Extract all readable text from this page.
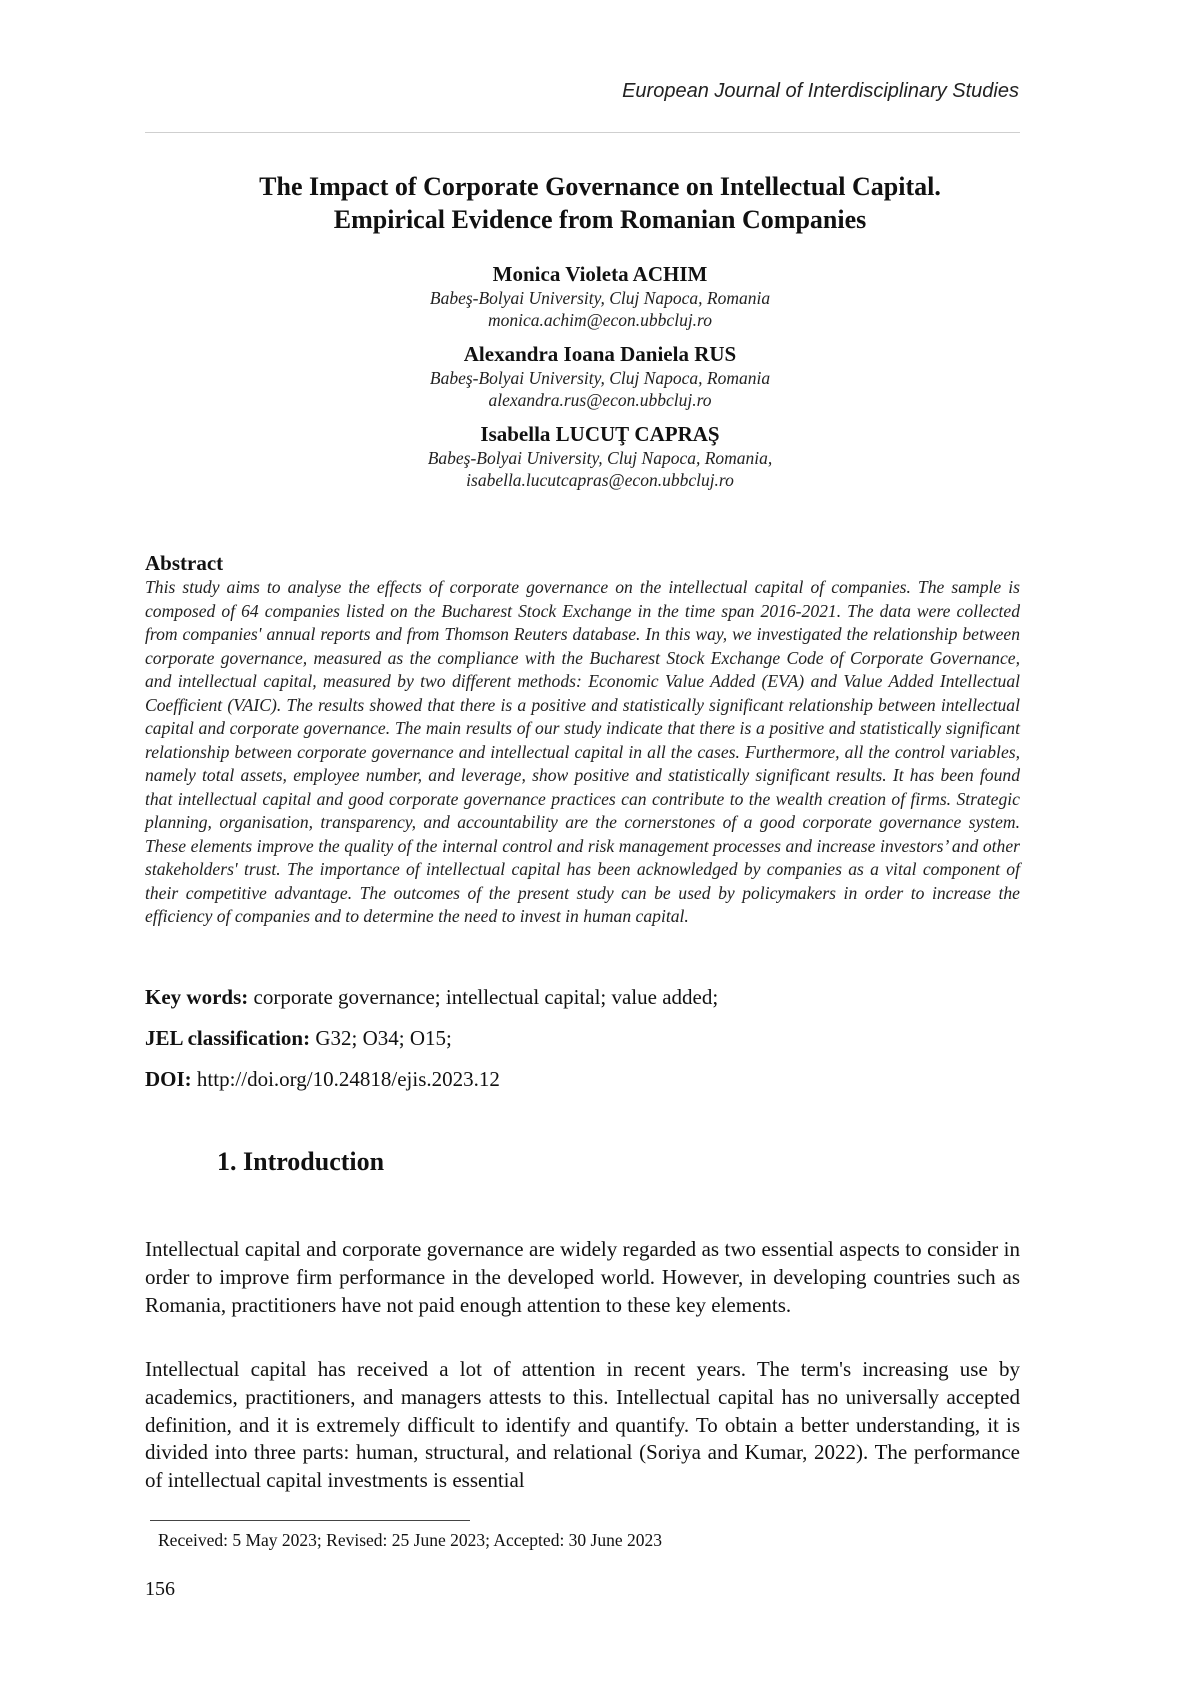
European Journal of Interdisciplinary Studies

The Impact of Corporate Governance on Intellectual Capital.

Empirical Evidence from Romanian Companies

Monica Violeta ACHIM
Babeş-Bolyai University, Cluj Napoca, Romania
monica.achim@econ.ubbcluj.ro
Alexandra Ioana Daniela RUS
Babeş-Bolyai University, Cluj Napoca, Romania
alexandra.rus@econ.ubbcluj.ro
Isabella LUCUŢ CAPRAŞ
Babeş-Bolyai University, Cluj Napoca, Romania,
isabella.lucutcapras@econ.ubbcluj.ro
Abstract

This study aims to analyse the effects of corporate governance on the intellectual capital of companies. The sample is composed of 64 companies listed on the Bucharest Stock Exchange in the time span 2016-2021. The data were collected from companies' annual reports and from Thomson Reuters database. In this way, we investigated the relationship between corporate governance, measured as the compliance with the Bucharest Stock Exchange Code of Corporate Governance, and intellectual capital, measured by two different methods: Economic Value Added (EVA) and Value Added Intellectual Coefficient (VAIC). The results showed that there is a positive and statistically significant relationship between intellectual capital and corporate governance. The main results of our study indicate that there is a positive and statistically significant relationship between corporate governance and intellectual capital in all the cases. Furthermore, all the control variables, namely total assets, employee number, and leverage, show positive and statistically significant results. It has been found that intellectual capital and good corporate governance practices can contribute to the wealth creation of firms. Strategic planning, organisation, transparency, and accountability are the cornerstones of a good corporate governance system. These elements improve the quality of the internal control and risk management processes and increase investors’ and other stakeholders' trust. The importance of intellectual capital has been acknowledged by companies as a vital component of their competitive advantage. The outcomes of the present study can be used by policymakers in order to increase the efficiency of companies and to determine the need to invest in human capital.

Key words: corporate governance; intellectual capital; value added;
JEL classification: G32; O34; O15;
DOI: http://doi.org/10.24818/ejis.2023.12
1. Introduction

Intellectual capital and corporate governance are widely regarded as two essential aspects to consider in order to improve firm performance in the developed world. However, in developing countries such as Romania, practitioners have not paid enough attention to these key elements.

Intellectual capital has received a lot of attention in recent years. The term's increasing use by academics, practitioners, and managers attests to this. Intellectual capital has no universally accepted definition, and it is extremely difficult to identify and quantify. To obtain a better understanding, it is divided into three parts: human, structural, and relational (Soriya and Kumar, 2022). The performance of intellectual capital investments is essential

Received: 5 May 2023; Revised: 25 June 2023; Accepted: 30 June 2023
156
